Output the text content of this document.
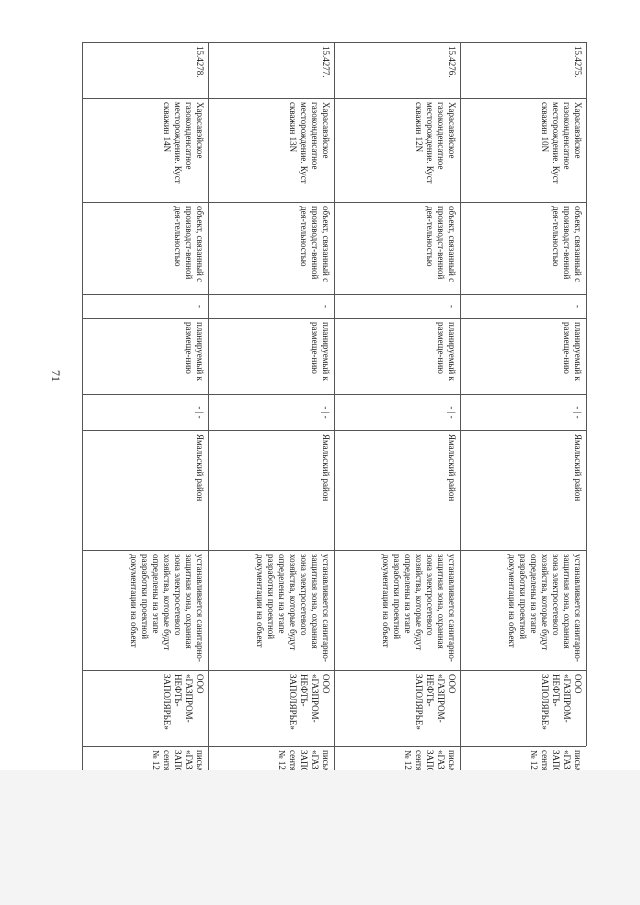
71
15.4275.
Харасавэйское газоконденсатное месторождение. Куст скважин 10N
объект, связанный с производст-венной дея-тельностью
-
планируемый к размеще-нию
- | -
Ямальский район
устанавливается санитарно-защитная зона, охранная зона электросетевого хозяйства, которые будут определены на этапе разработки проектной документации на объект
ООО «ГАЗПРОМ-НЕФТЬ-ЗАПОЛЯРЬЕ»
15.4276.
Харасавэйское газоконденсатное месторождение. Куст скважин 12N
объект, связанный с производст-венной дея-тельностью
-
планируемый к размеще-нию
- | -
Ямальский район
устанавливается санитарно-защитная зона, охранная зона электросетевого хозяйства, которые будут определены на этапе разработки проектной документации на объект
ООО «ГАЗПРОМ-НЕФТЬ-ЗАПОЛЯРЬЕ»
15.4277.
Харасавэйское газоконденсатное месторождение. Куст скважин 13N
объект, связанный с производст-венной дея-тельностью
-
планируемый к размеще-нию
- | -
Ямальский район
устанавливается санитарно-защитная зона, охранная зона электросетевого хозяйства, которые будут определены на этапе разработки проектной документации на объект
ООО «ГАЗПРОМ-НЕФТЬ-ЗАПОЛЯРЬЕ»
15.4278.
Харасавэйское газоконденсатное месторождение. Куст скважин 14N
объект, связанный с производст-венной дея-тельностью
-
планируемый к размеще-нию
- | -
Ямальский район
устанавливается санитарно-защитная зона, охранная зона электросетевого хозяйства, которые будут определены на этапе разработки проектной документации на объект
ООО «ГАЗПРОМ-НЕФТЬ-ЗАПОЛЯРЬЕ»
